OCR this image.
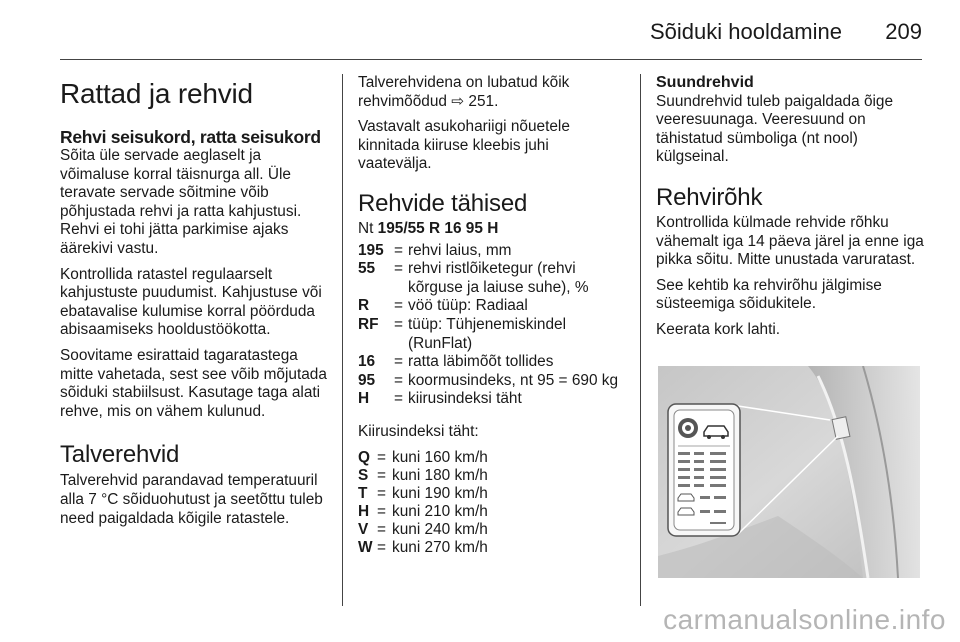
Sõiduki hooldamine 209
Rattad ja rehvid
Rehvi seisukord, ratta seisukord

Sõita üle servade aeglaselt ja võimaluse korral täisnurga all. Üle teravate servade sõitmine võib põhjustada rehvi ja ratta kahjustusi. Rehvi ei tohi jätta parkimise ajaks äärekivi vastu.

Kontrollida ratastel regulaarselt kahjustuste puudumist. Kahjustuse või ebatavalise kulumise korral pöörduda abisaamiseks hooldustöökotta.

Soovitame esirattaid tagaratastega mitte vahetada, sest see võib mõjutada sõiduki stabiilsust. Kasutage taga alati rehve, mis on vähem kulunud.

Talverehvid

Talverehvid parandavad temperatuuril alla 7 °C sõiduohutust ja seetõttu tuleb need paigaldada kõigile ratastele.

Talverehvidena on lubatud kõik rehvimõõdud ⇨ 251.

Vastavalt asukohariigi nõuetele kinnitada kiiruse kleebis juhi vaatevälja.

Rehvide tähised

Nt 195/55 R 16 95 H

195 = rehvi laius, mm
55	= rehvi ristlõiketegur (rehvi kõrguse ja laiuse suhe), %
R	= vöö tüüp: Radiaal
RF	= tüüp: Tühjenemiskindel (RunFlat)
16	= ratta läbimõõt tollides
95	= koormusindeks, nt 95 = 690 kg
H	= kiirusindeksi täht

Kiirusindeksi täht:

Q = kuni 160 km/h
S = kuni 180 km/h
T = kuni 190 km/h
H = kuni 210 km/h
V = kuni 240 km/h
W = kuni 270 km/h
Suundrehvid

Suundrehvid tuleb paigaldada õige veeresuunaga. Veeresuund on tähistatud sümboliga (nt nool) külgseinal.

Rehvirõhk

Kontrollida külmade rehvide rõhku vähemalt iga 14 päeva järel ja enne iga pikka sõitu. Mitte unustada varuratast.

See kehtib ka rehvirõhu jälgimise süsteemiga sõidukitele.

Keerata kork lahti.

carmanualsonline.info
